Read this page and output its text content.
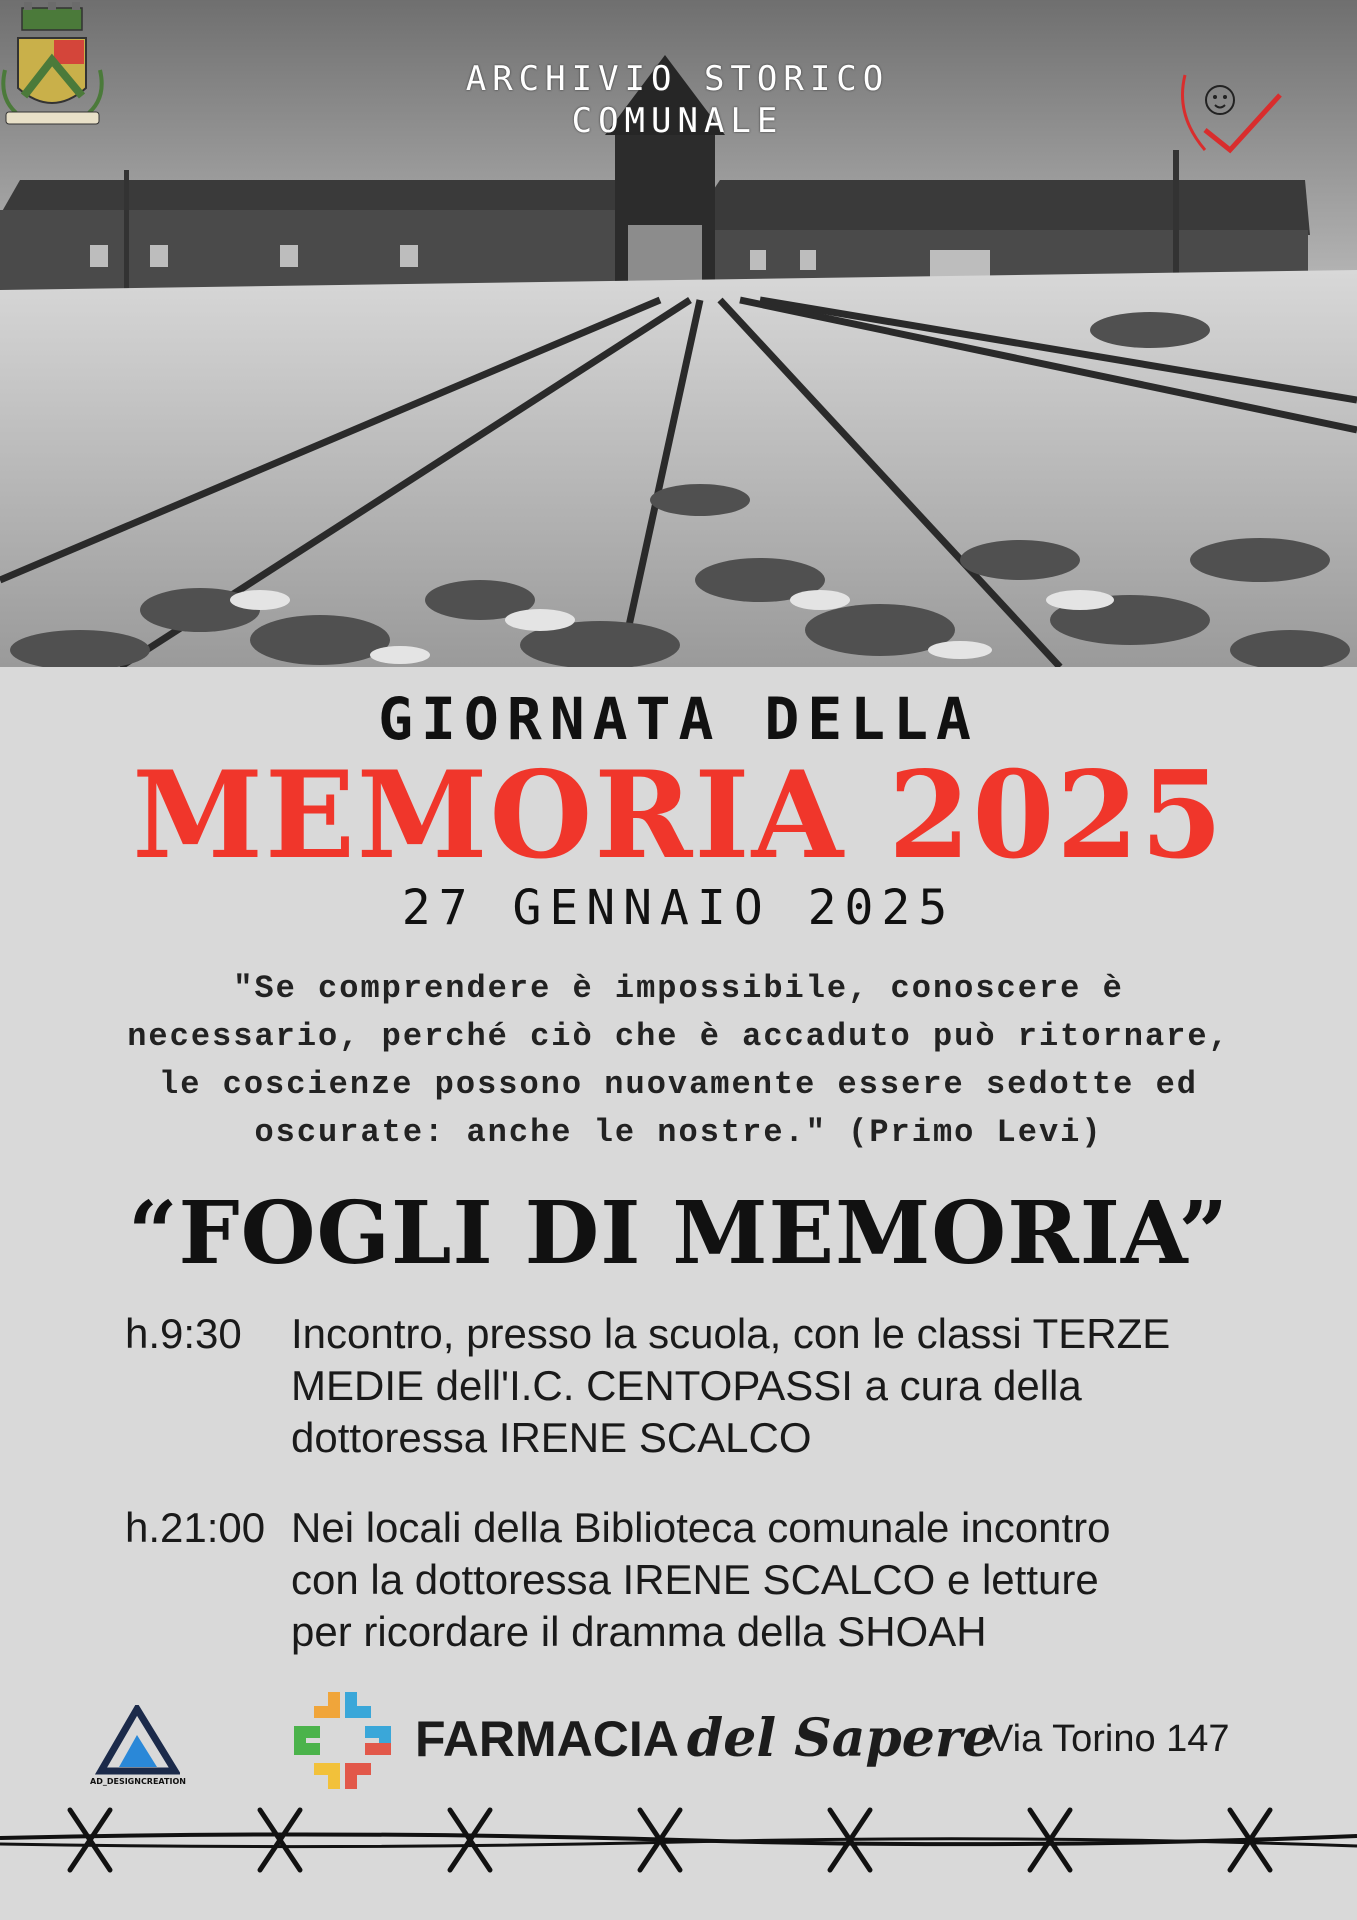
ARCHIVIO STORICO
COMUNALE
GIORNATA DELLA
MEMORIA 2025
27 GENNAIO 2025
"Se comprendere è impossibile, conoscere è
necessario, perché ciò che è accaduto può ritornare,
le coscienze possono nuovamente essere sedotte ed
oscurate: anche le nostre." (Primo Levi)
“FOGLI DI MEMORIA”
h.9:30	Incontro, presso la scuola, con le classi TERZE
MEDIE dell'I.C. CENTOPASSI a cura della
dottoressa IRENE SCALCO
h.21:00 Nei locali della Biblioteca comunale incontro
con la dottoressa IRENE SCALCO e letture
per ricordare il dramma della SHOAH
AD_DESIGNCREATION
FARMACIA del Sapere
Via Torino 147
